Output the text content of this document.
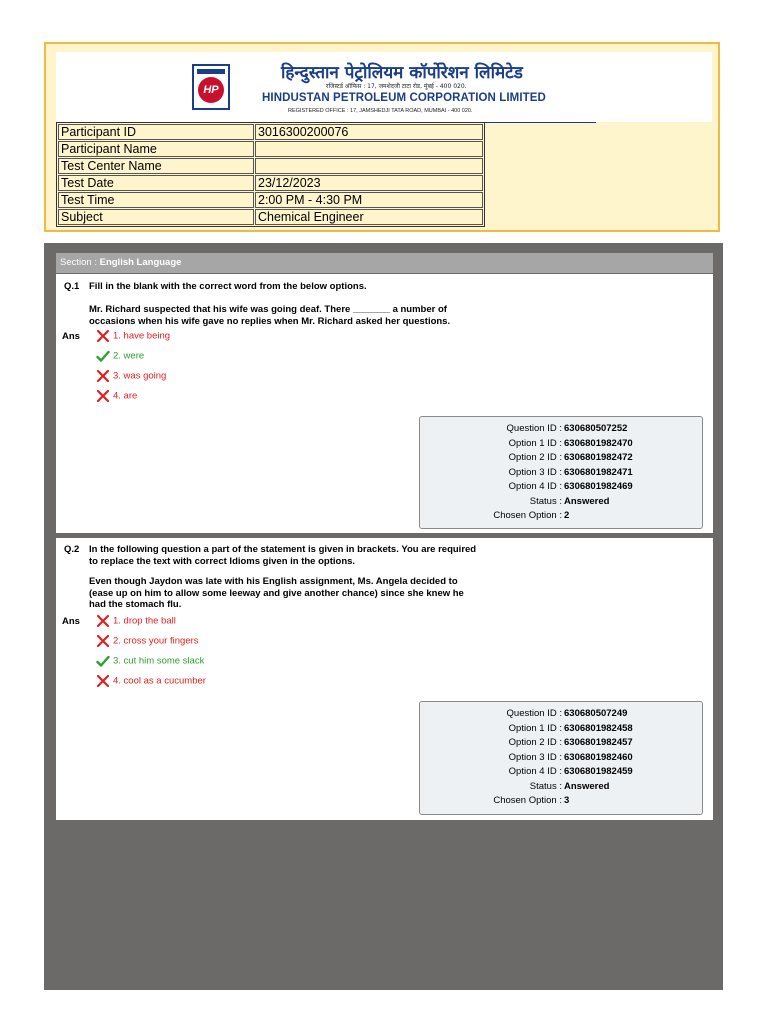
HP
हिन्दुस्तान पेट्रोलियम कॉर्पोरेशन लिमिटेड
रजिस्टर्ड ऑफिस : 17, जमशेदजी टाटा रोड, मुंबई - 400 020.
HINDUSTAN PETROLEUM CORPORATION LIMITED
REGISTERED OFFICE : 17, JAMSHEDJI TATA ROAD, MUMBAI - 400 020.
Participant ID	3016300200076
Participant Name	
Test Center Name	
Test Date	23/12/2023
Test Time	2:00 PM - 4:30 PM
Subject	Chemical Engineer
Section : English Language
Q.1 Fill in the blank with the correct word from the below options.
Mr. Richard suspected that his wife was going deaf. There _______ a number of
occasions when his wife gave no replies when Mr. Richard asked her questions.
Ans	1. have being
2. were
3. was going
4. are
Question ID : 630680507252
Option 1 ID : 6306801982470
Option 2 ID : 6306801982472
Option 3 ID : 6306801982471
Option 4 ID : 6306801982469
Status : Answered
Chosen Option : 2
Q.2 In the following question a part of the statement is given in brackets. You are required
to replace the text with correct Idioms given in the options.
Even though Jaydon was late with his English assignment, Ms. Angela decided to
(ease up on him to allow some leeway and give another chance) since she knew he
had the stomach flu.
Ans	1. drop the ball
2. cross your fingers
3. cut him some slack
4. cool as a cucumber
Question ID : 630680507249
Option 1 ID : 6306801982458
Option 2 ID : 6306801982457
Option 3 ID : 6306801982460
Option 4 ID : 6306801982459
Status : Answered
Chosen Option : 3
